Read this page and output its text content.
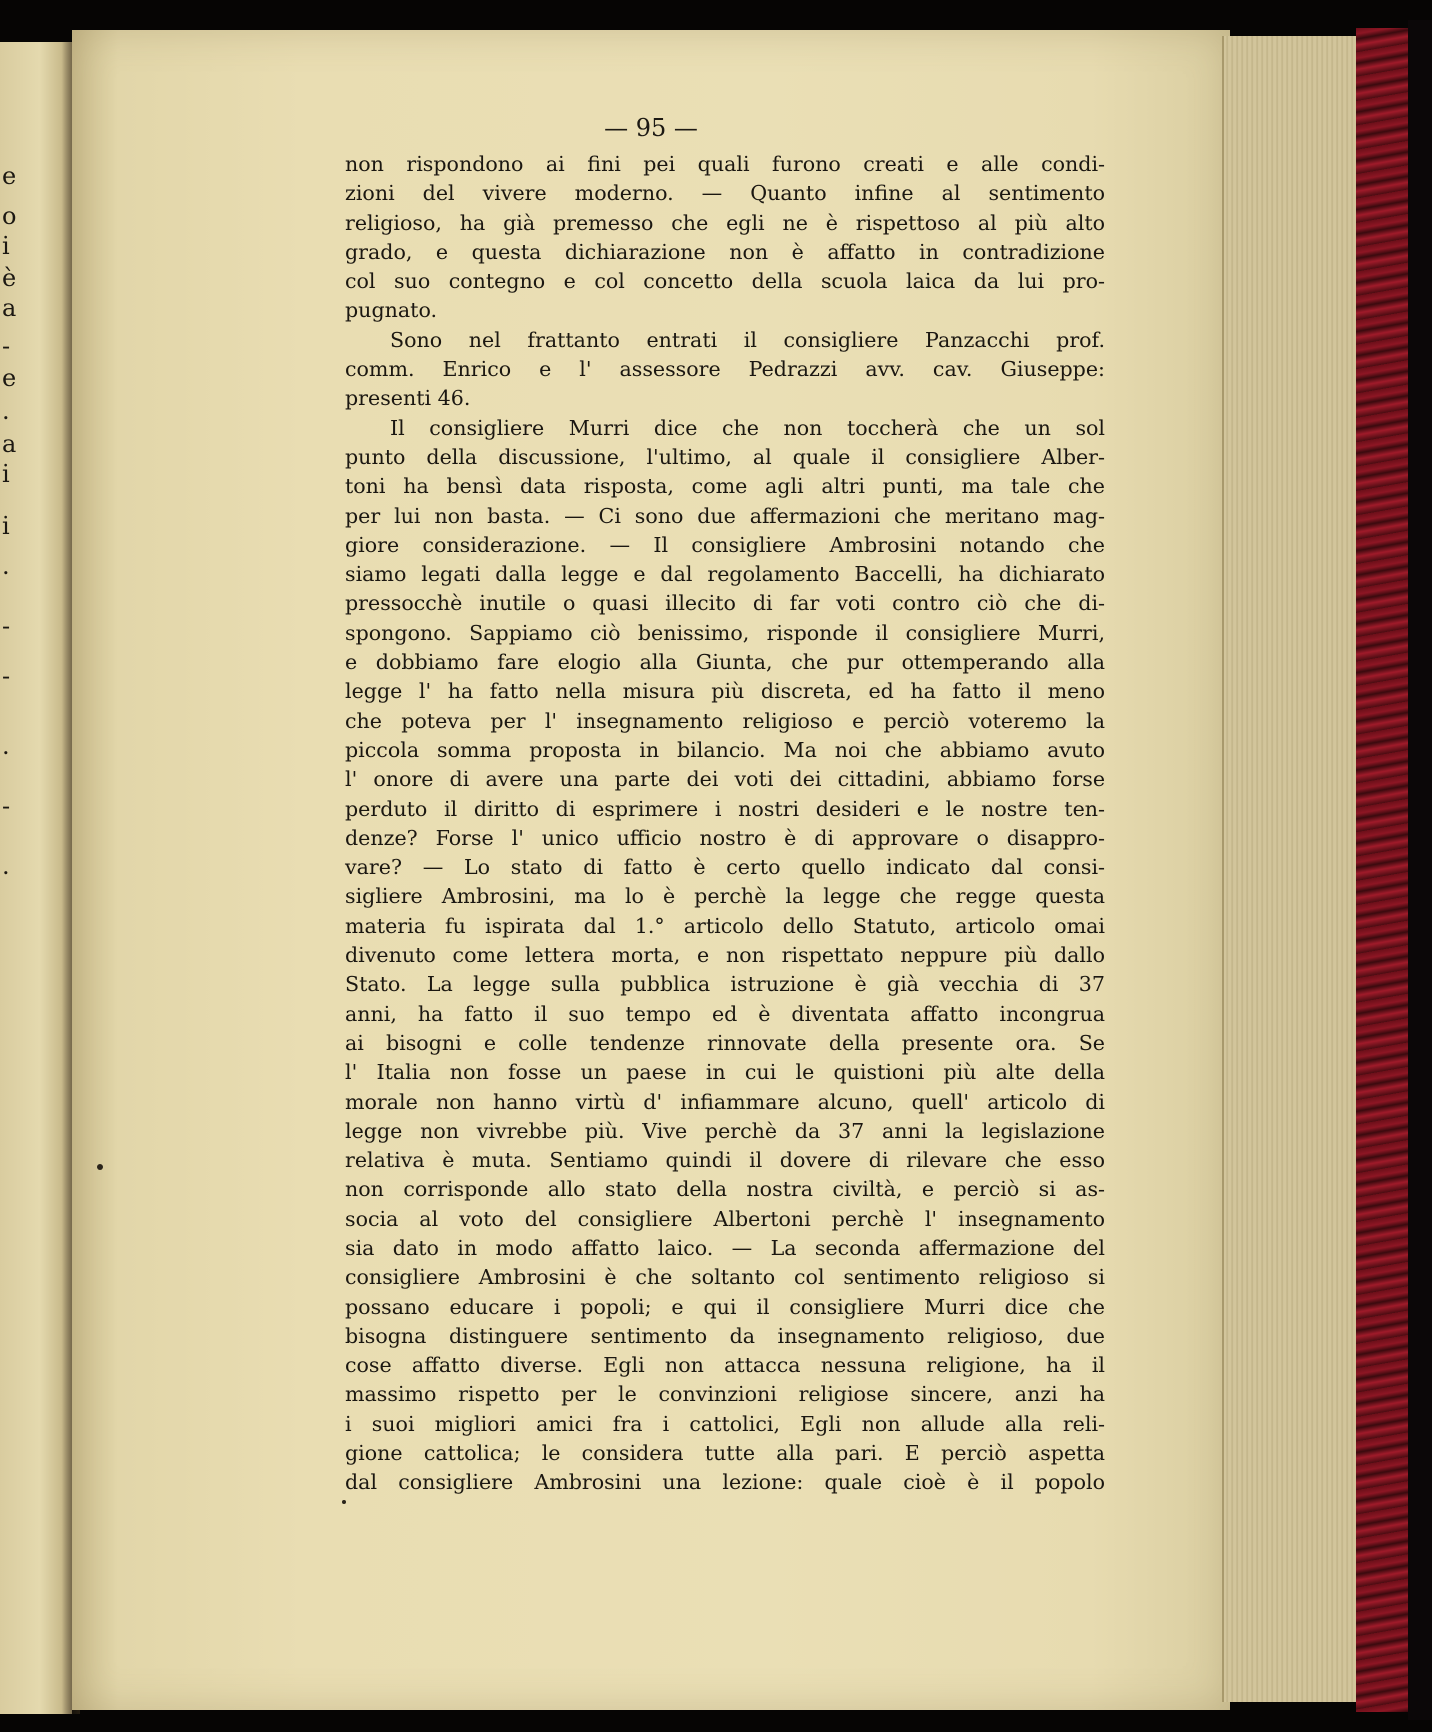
e
o
i
è
a
-
e
.
a
i
i
.
-
-
.
-
.
— 95 —
non rispondono ai fini pei quali furono creati e alle condi-
zioni del vivere moderno. — Quanto infine al sentimento
religioso, ha già premesso che egli ne è rispettoso al più alto
grado, e questa dichiarazione non è affatto in contradizione
col suo contegno e col concetto della scuola laica da lui pro-
pugnato.
Sono nel frattanto entrati il consigliere Panzacchi prof.
comm. Enrico e l' assessore Pedrazzi avv. cav. Giuseppe:
presenti 46.
Il consigliere Murri dice che non toccherà che un sol
punto della discussione, l'ultimo, al quale il consigliere Alber-
toni ha bensì data risposta, come agli altri punti, ma tale che
per lui non basta. — Ci sono due affermazioni che meritano mag-
giore considerazione. — Il consigliere Ambrosini notando che
siamo legati dalla legge e dal regolamento Baccelli, ha dichiarato
pressocchè inutile o quasi illecito di far voti contro ciò che di-
spongono. Sappiamo ciò benissimo, risponde il consigliere Murri,
e dobbiamo fare elogio alla Giunta, che pur ottemperando alla
legge l' ha fatto nella misura più discreta, ed ha fatto il meno
che poteva per l' insegnamento religioso e perciò voteremo la
piccola somma proposta in bilancio. Ma noi che abbiamo avuto
l' onore di avere una parte dei voti dei cittadini, abbiamo forse
perduto il diritto di esprimere i nostri desideri e le nostre ten-
denze? Forse l' unico ufficio nostro è di approvare o disappro-
vare? — Lo stato di fatto è certo quello indicato dal consi-
sigliere Ambrosini, ma lo è perchè la legge che regge questa
materia fu ispirata dal 1.° articolo dello Statuto, articolo omai
divenuto come lettera morta, e non rispettato neppure più dallo
Stato. La legge sulla pubblica istruzione è già vecchia di 37
anni, ha fatto il suo tempo ed è diventata affatto incongrua
ai bisogni e colle tendenze rinnovate della presente ora. Se
l' Italia non fosse un paese in cui le quistioni più alte della
morale non hanno virtù d' infiammare alcuno, quell' articolo di
legge non vivrebbe più. Vive perchè da 37 anni la legislazione
relativa è muta. Sentiamo quindi il dovere di rilevare che esso
non corrisponde allo stato della nostra civiltà, e perciò si as-
socia al voto del consigliere Albertoni perchè l' insegnamento
sia dato in modo affatto laico. — La seconda affermazione del
consigliere Ambrosini è che soltanto col sentimento religioso si
possano educare i popoli; e qui il consigliere Murri dice che
bisogna distinguere sentimento da insegnamento religioso, due
cose affatto diverse. Egli non attacca nessuna religione, ha il
massimo rispetto per le convinzioni religiose sincere, anzi ha
i suoi migliori amici fra i cattolici, Egli non allude alla reli-
gione cattolica; le considera tutte alla pari. E perciò aspetta
dal consigliere Ambrosini una lezione: quale cioè è il popolo
